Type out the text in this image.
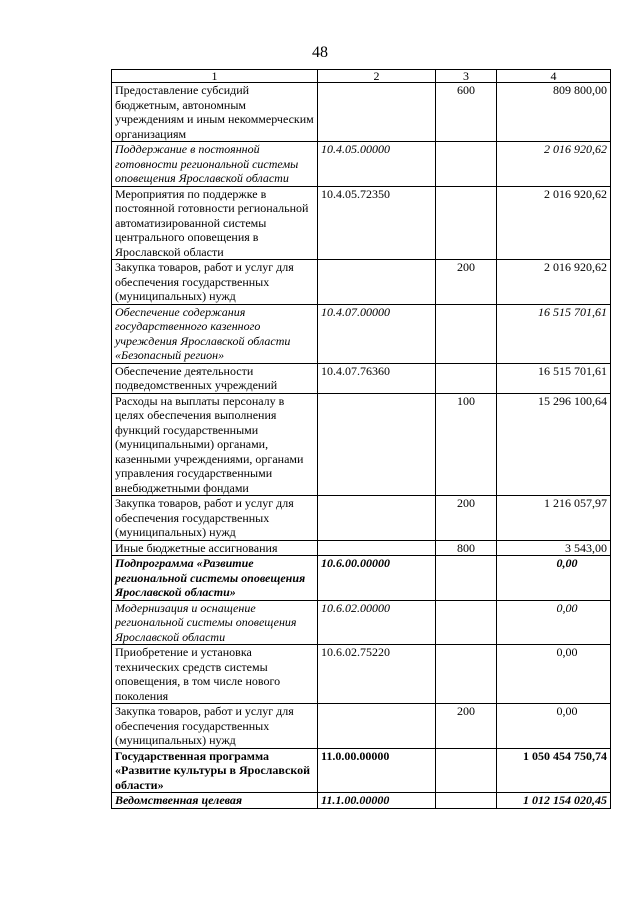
48
1	2	3	4
Предоставление субсидий бюджетным, автономным учреждениям и иным некоммерческим организациям		600	809 800,00
Поддержание в постоянной готовности региональной системы оповещения Ярославской области	10.4.05.00000		2 016 920,62
Мероприятия по поддержке в постоянной готовности региональной автоматизированной системы центрального оповещения в Ярославской области	10.4.05.72350		2 016 920,62
Закупка товаров, работ и услуг для обеспечения государственных (муниципальных) нужд		200	2 016 920,62
Обеспечение содержания государственного казенного учреждения Ярославской области «Безопасный регион»	10.4.07.00000		16 515 701,61
Обеспечение деятельности подведомственных учреждений	10.4.07.76360		16 515 701,61
Расходы на выплаты персоналу в целях обеспечения выполнения функций государственными (муниципальными) органами, казенными учреждениями, органами управления государственными внебюджетными фондами		100	15 296 100,64
Закупка товаров, работ и услуг для обеспечения государственных (муниципальных) нужд		200	1 216 057,97
Иные бюджетные ассигнования		800	3 543,00
Подпрограмма «Развитие региональной системы оповещения Ярославской области»	10.6.00.00000		0,00
Модернизация и оснащение региональной системы оповещения Ярославской области	10.6.02.00000		0,00
Приобретение и установка технических средств системы оповещения, в том числе нового поколения	10.6.02.75220		0,00
Закупка товаров, работ и услуг для обеспечения государственных (муниципальных) нужд		200	0,00
Государственная программа «Развитие культуры в Ярославской области»	11.0.00.00000		1 050 454 750,74
Ведомственная целевая	11.1.00.00000		1 012 154 020,45
